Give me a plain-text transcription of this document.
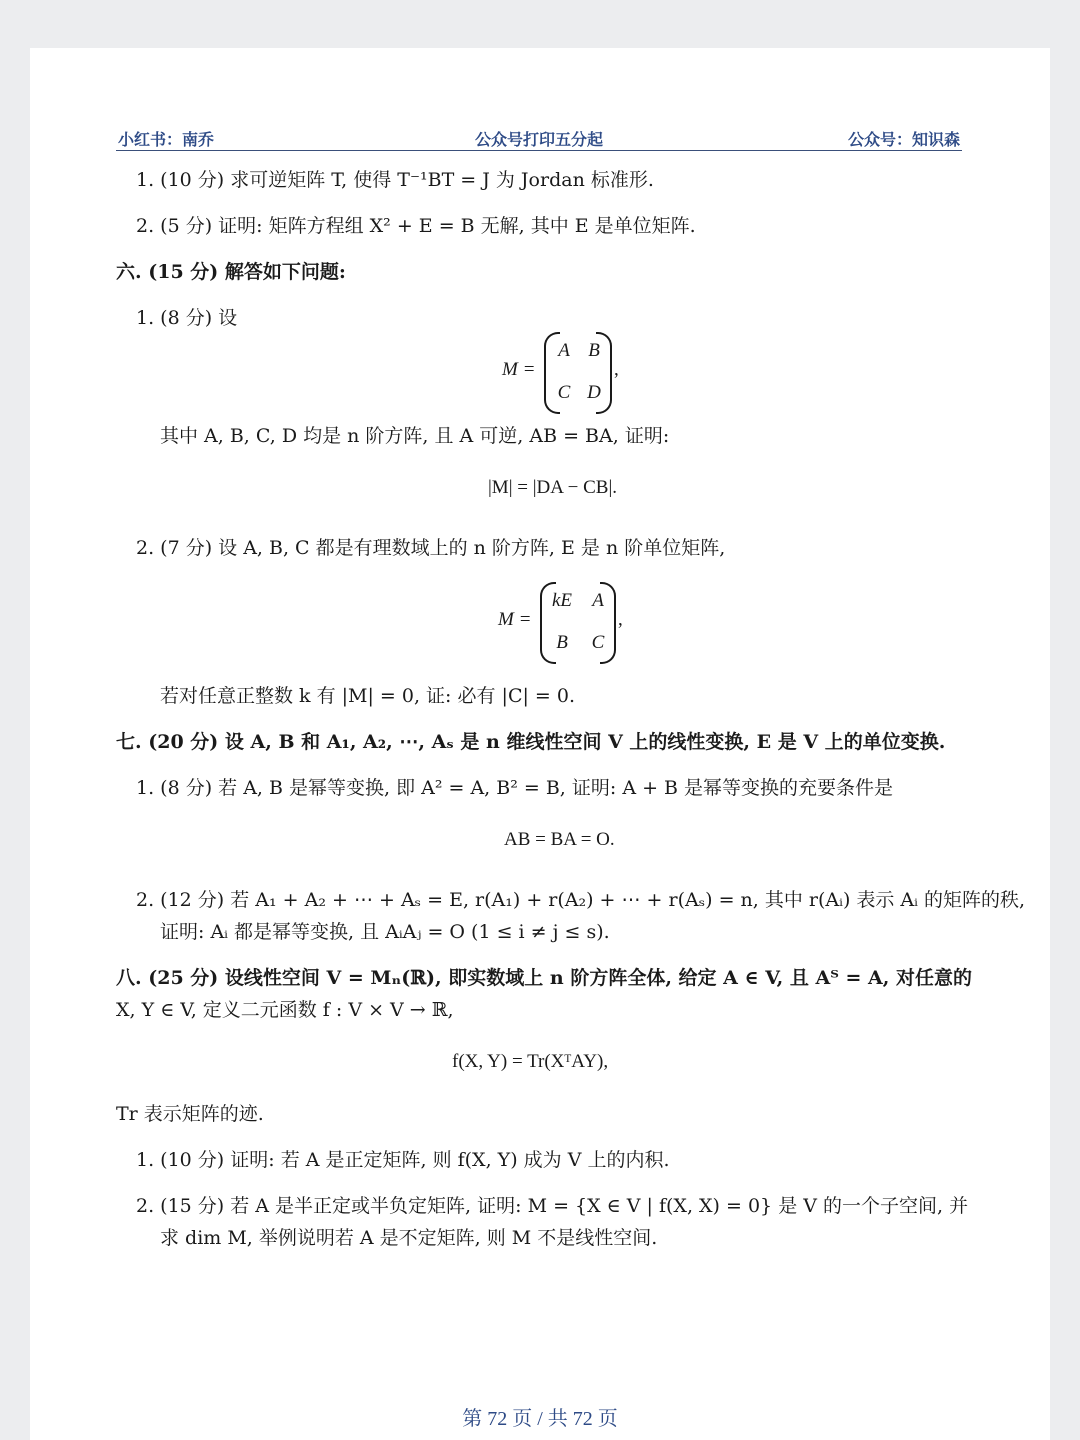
小红书：南乔	公众号打印五分起	公众号：知识森
1. (10 分) 求可逆矩阵 T, 使得 T⁻¹BT = J 为 Jordan 标准形.
2. (5 分) 证明: 矩阵方程组 X² + E = B 无解, 其中 E 是单位矩阵.
六. (15 分) 解答如下问题:
1. (8 分) 设
M =
A B
C D
,
其中 A, B, C, D 均是 n 阶方阵, 且 A 可逆, AB = BA, 证明:
|M| = |DA − CB|.
2. (7 分) 设 A, B, C 都是有理数域上的 n 阶方阵, E 是 n 阶单位矩阵,
M =
kE	A
B	C
,
若对任意正整数 k 有 |M| = 0, 证: 必有 |C| = 0.
七. (20 分) 设 A, B 和 A₁, A₂, ⋯, Aₛ 是 n 维线性空间 V 上的线性变换, E 是 V 上的单位变换.
1. (8 分) 若 A, B 是幂等变换, 即 A² = A, B² = B, 证明: A + B 是幂等变换的充要条件是
AB = BA = O.
2. (12 分) 若 A₁ + A₂ + ⋯ + Aₛ = E, r(A₁) + r(A₂) + ⋯ + r(Aₛ) = n, 其中 r(Aᵢ) 表示 Aᵢ 的矩阵的秩,
证明: Aᵢ 都是幂等变换, 且 AᵢAⱼ = O (1 ≤ i ≠ j ≤ s).
八. (25 分) 设线性空间 V = Mₙ(ℝ), 即实数域上 n 阶方阵全体, 给定 A ∈ V, 且 Aᵀ = A, 对任意的
X, Y ∈ V, 定义二元函数 f : V × V → ℝ,
f(X, Y) = Tr(XᵀAY),
Tr 表示矩阵的迹.
1. (10 分) 证明: 若 A 是正定矩阵, 则 f(X, Y) 成为 V 上的内积.
2. (15 分) 若 A 是半正定或半负定矩阵, 证明: M = {X ∈ V | f(X, X) = 0} 是 V 的一个子空间, 并
求 dim M, 举例说明若 A 是不定矩阵, 则 M 不是线性空间.
第 72 页 / 共 72 页
